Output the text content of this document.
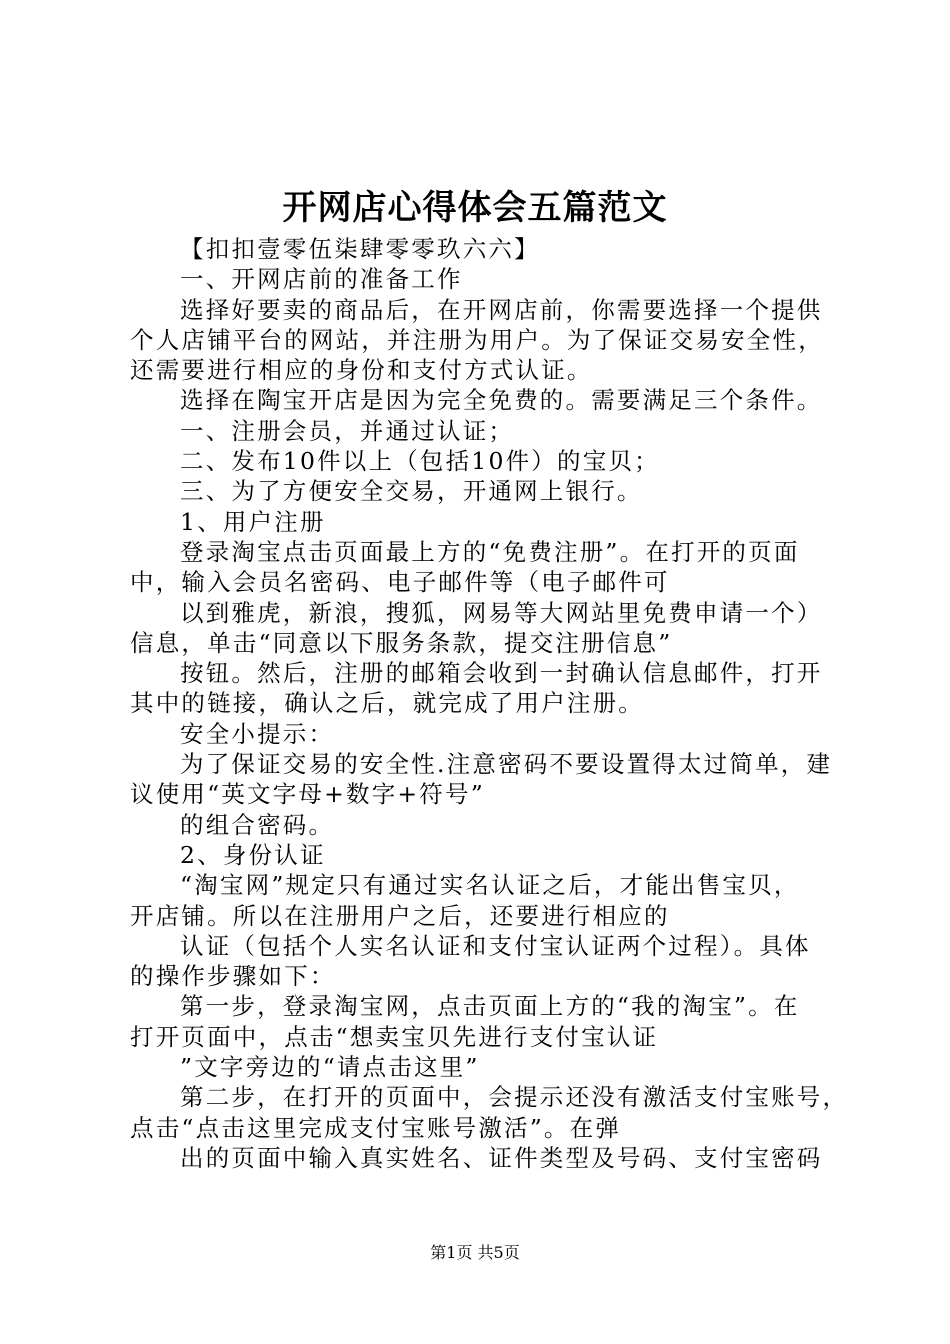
开网店心得体会五篇范文
【扣扣壹零伍柒肆零零玖六六】
一、开网店前的准备工作
选择好要卖的商品后，在开网店前，你需要选择一个提供
个人店铺平台的网站，并注册为用户。为了保证交易安全性，
还需要进行相应的身份和支付方式认证。
选择在陶宝开店是因为完全免费的。需要满足三个条件。
一、注册会员，并通过认证；
二、发布10件以上（包括10件）的宝贝；
三、为了方便安全交易，开通网上银行。
1、用户注册
登录淘宝点击页面最上方的“免费注册”。在打开的页面
中，输入会员名密码、电子邮件等（电子邮件可
以到雅虎，新浪，搜狐，网易等大网站里免费申请一个）
信息，单击“同意以下服务条款，提交注册信息”
按钮。然后，注册的邮箱会收到一封确认信息邮件，打开
其中的链接，确认之后，就完成了用户注册。
安全小提示：
为了保证交易的安全性.注意密码不要设置得太过简单，建
议使用“英文字母+数字+符号”
的组合密码。
2、身份认证
“淘宝网”规定只有通过实名认证之后，才能出售宝贝，
开店铺。所以在注册用户之后，还要进行相应的
认证（包括个人实名认证和支付宝认证两个过程）。具体
的操作步骤如下：
第一步，登录淘宝网，点击页面上方的“我的淘宝”。在
打开页面中，点击“想卖宝贝先进行支付宝认证
”文字旁边的“请点击这里”
第二步，在打开的页面中，会提示还没有激活支付宝账号，
点击“点击这里完成支付宝账号激活”。在弹
出的页面中输入真实姓名、证件类型及号码、支付宝密码
第1页 共5页
